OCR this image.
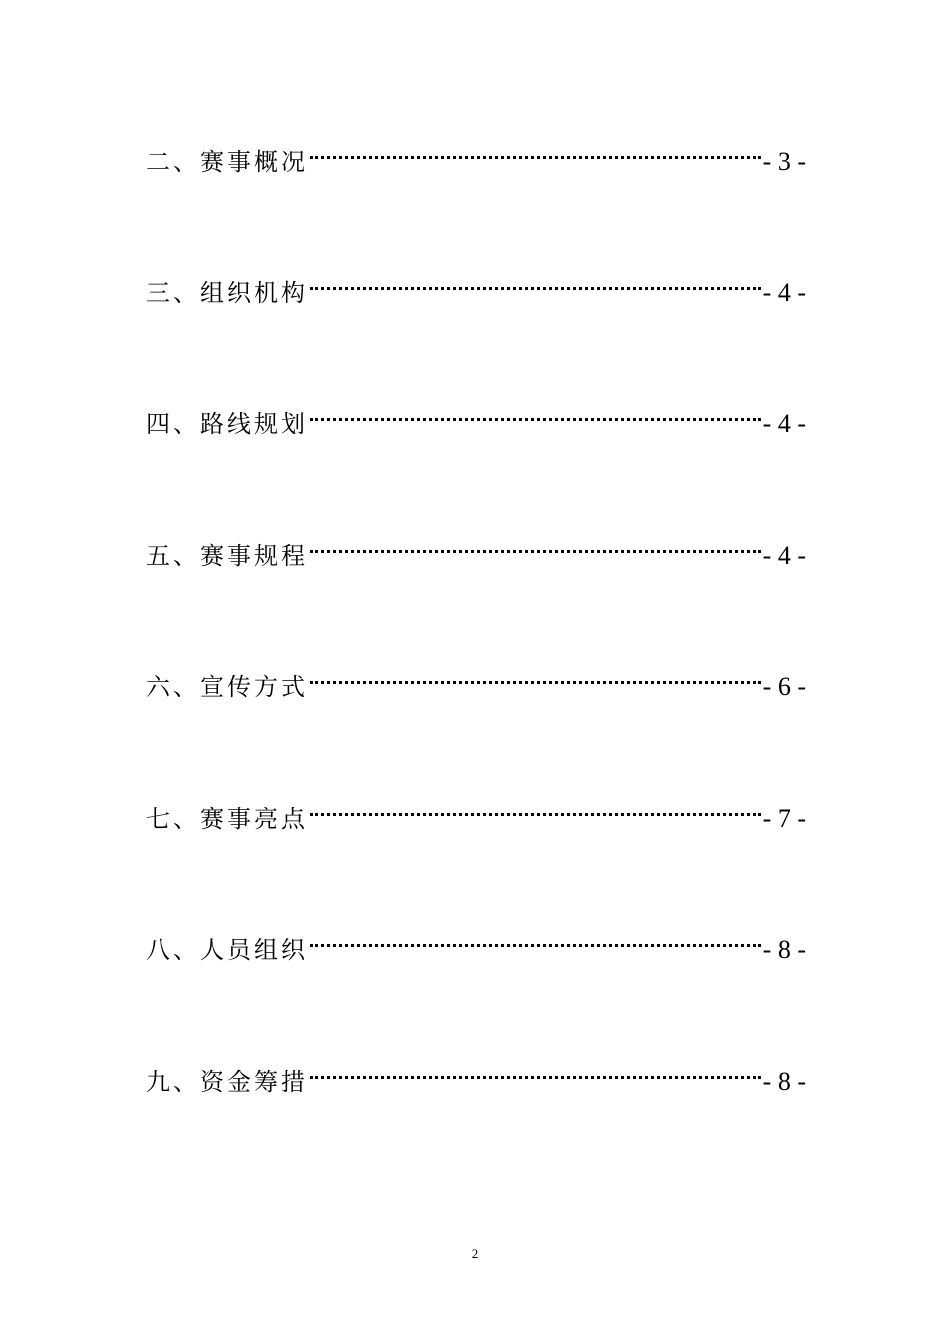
二、赛事概况	- 3 -
三、组织机构	- 4 -
四、路线规划	- 4 -
五、赛事规程	- 4 -
六、宣传方式	- 6 -
七、赛事亮点	- 7 -
八、人员组织	- 8 -
九、资金筹措	- 8 -
2
